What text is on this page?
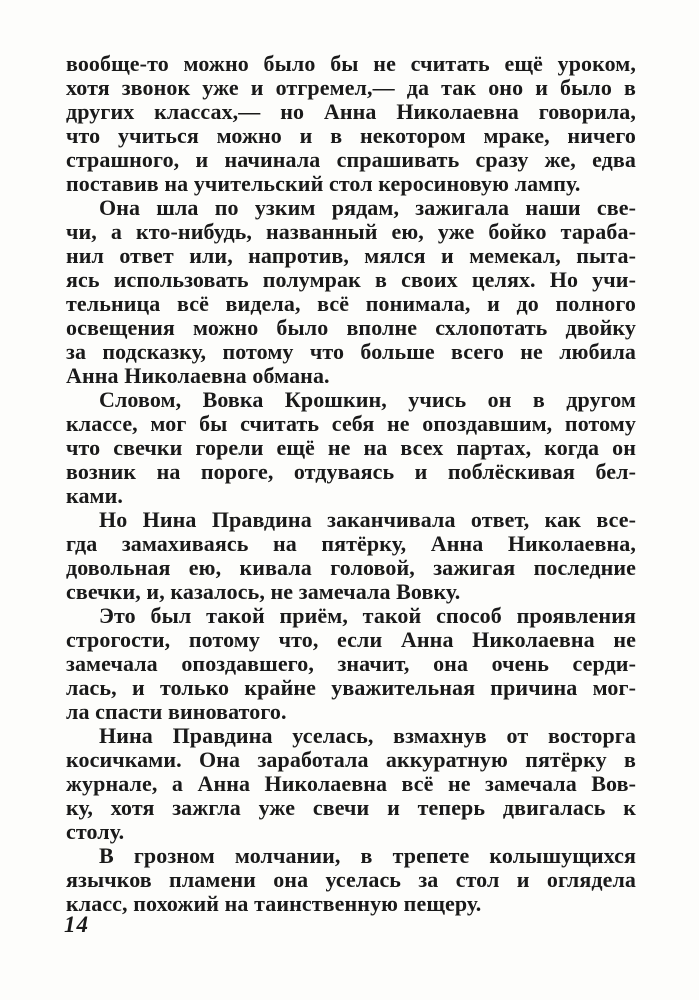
вообще-то можно было бы не считать ещё уроком,
хотя звонок уже и отгремел,— да так оно и было в
других классах,— но Анна Николаевна говорила,
что учиться можно и в некотором мраке, ничего
страшного, и начинала спрашивать сразу же, едва
поставив на учительский стол керосиновую лампу.
Она шла по узким рядам, зажигала наши све-
чи, а кто-нибудь, названный ею, уже бойко тараба-
нил ответ или, напротив, мялся и мемекал, пыта-
ясь использовать полумрак в своих целях. Но учи-
тельница всё видела, всё понимала, и до полного
освещения можно было вполне схлопотать двойку
за подсказку, потому что больше всего не любила
Анна Николаевна обмана.
Словом, Вовка Крошкин, учись он в другом
классе, мог бы считать себя не опоздавшим, потому
что свечки горели ещё не на всех партах, когда он
возник на пороге, отдуваясь и поблёскивая бел-
ками.
Но Нина Правдина заканчивала ответ, как все-
гда замахиваясь на пятёрку, Анна Николаевна,
довольная ею, кивала головой, зажигая последние
свечки, и, казалось, не замечала Вовку.
Это был такой приём, такой способ проявления
строгости, потому что, если Анна Николаевна не
замечала опоздавшего, значит, она очень серди-
лась, и только крайне уважительная причина мог-
ла спасти виноватого.
Нина Правдина уселась, взмахнув от восторга
косичками. Она заработала аккуратную пятёрку в
журнале, а Анна Николаевна всё не замечала Вов-
ку, хотя зажгла уже свечи и теперь двигалась к
столу.
В грозном молчании, в трепете колышущихся
язычков пламени она уселась за стол и оглядела
класс, похожий на таинственную пещеру.
14
